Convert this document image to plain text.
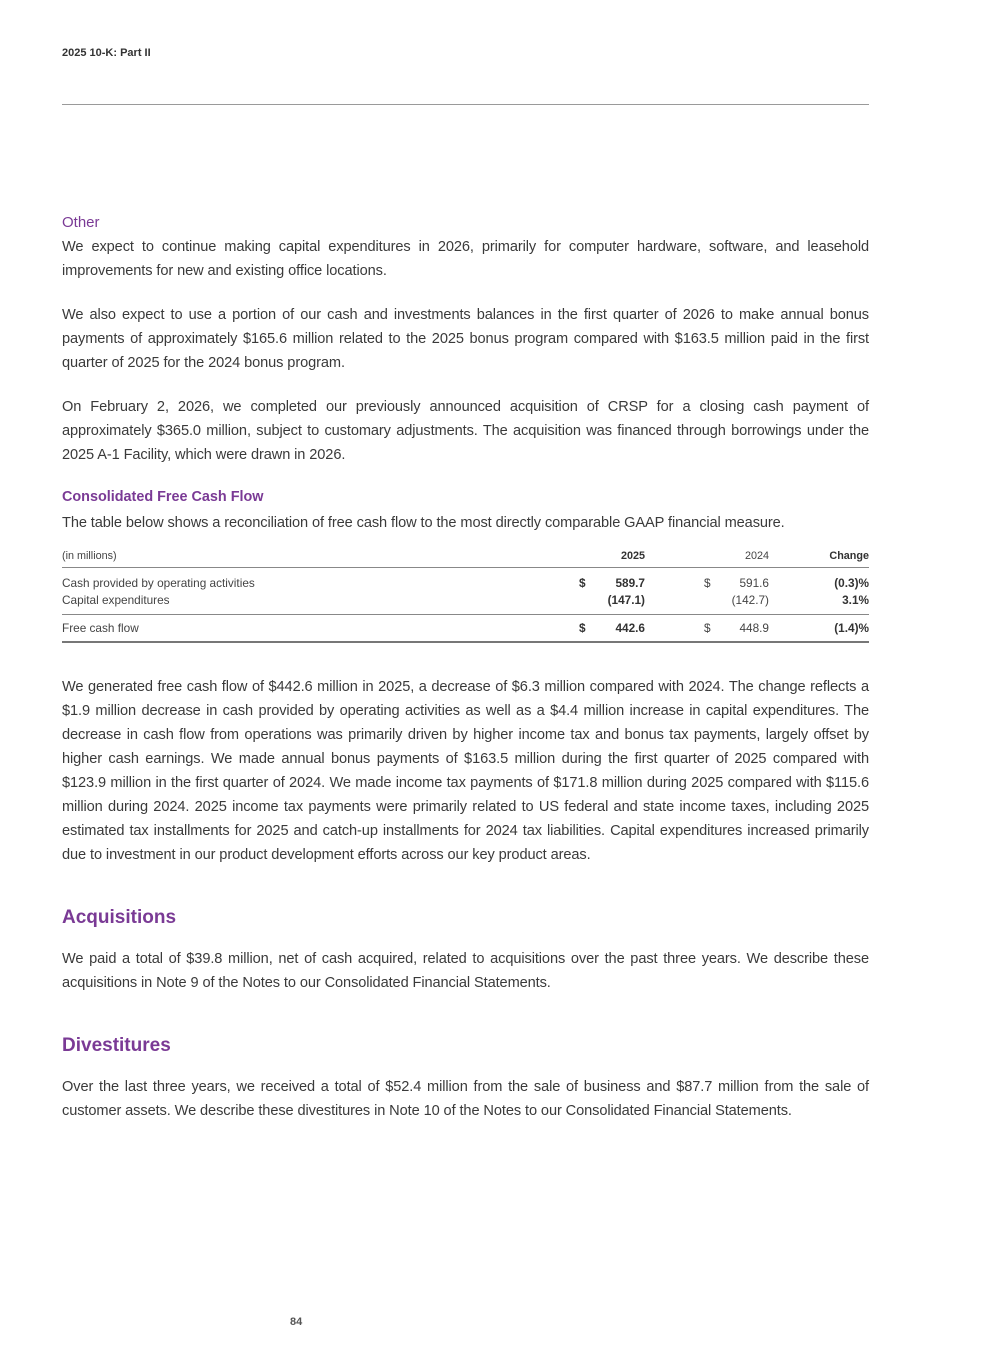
2025 10-K: Part II
Other

We expect to continue making capital expenditures in 2026, primarily for computer hardware, software, and leasehold improvements for new and existing office locations.

We also expect to use a portion of our cash and investments balances in the first quarter of 2026 to make annual bonus payments of approximately $165.6 million related to the 2025 bonus program compared with $163.5 million paid in the first quarter of 2025 for the 2024 bonus program.

On February 2, 2026, we completed our previously announced acquisition of CRSP for a closing cash payment of approximately $365.0 million, subject to customary adjustments. The acquisition was financed through borrowings under the 2025 A-1 Facility, which were drawn in 2026.

Consolidated Free Cash Flow

The table below shows a reconciliation of free cash flow to the most directly comparable GAAP financial measure.

(in millions)	2025	2024	Change
Cash provided by operating activities	$ 589.7	$ 591.6	(0.3)%
Capital expenditures	(147.1)	(142.7)	3.1%
Free cash flow	$ 442.6	$ 448.9	(1.4)%

We generated free cash flow of $442.6 million in 2025, a decrease of $6.3 million compared with 2024. The change reflects a $1.9 million decrease in cash provided by operating activities as well as a $4.4 million increase in capital expenditures. The decrease in cash flow from operations was primarily driven by higher income tax and bonus tax payments, largely offset by higher cash earnings. We made annual bonus payments of $163.5 million during the first quarter of 2025 compared with $123.9 million in the first quarter of 2024. We made income tax payments of $171.8 million during 2025 compared with $115.6 million during 2024. 2025 income tax payments were primarily related to US federal and state income taxes, including 2025 estimated tax installments for 2025 and catch-up installments for 2024 tax liabilities. Capital expenditures increased primarily due to investment in our product development efforts across our key product areas.

Acquisitions

We paid a total of $39.8 million, net of cash acquired, related to acquisitions over the past three years. We describe these acquisitions in Note 9 of the Notes to our Consolidated Financial Statements.

Divestitures

Over the last three years, we received a total of $52.4 million from the sale of business and $87.7 million from the sale of customer assets. We describe these divestitures in Note 10 of the Notes to our Consolidated Financial Statements.

84
